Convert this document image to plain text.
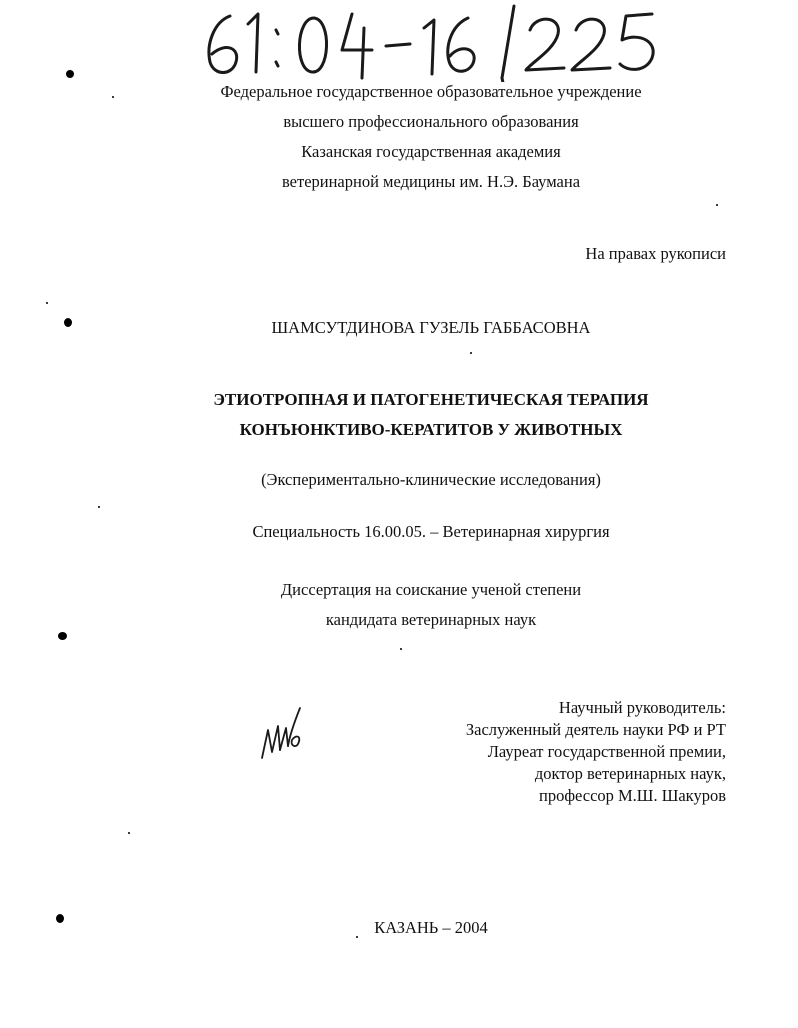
Федеральное государственное образовательное учреждение
высшего профессионального образования
Казанская государственная академия
ветеринарной медицины им. Н.Э. Баумана
На правах рукописи
ШАМСУТДИНОВА ГУЗЕЛЬ ГАББАСОВНА
ЭТИОТРОПНАЯ И ПАТОГЕНЕТИЧЕСКАЯ ТЕРАПИЯ
КОНЪЮНКТИВО-КЕРАТИТОВ У ЖИВОТНЫХ
(Экспериментально-клинические исследования)
Специальность 16.00.05. – Ветеринарная хирургия
Диссертация на соискание ученой степени
кандидата ветеринарных наук
Научный руководитель:
Заслуженный деятель науки РФ и РТ
Лауреат государственной премии,
доктор ветеринарных наук,
профессор М.Ш. Шакуров
КАЗАНЬ – 2004
